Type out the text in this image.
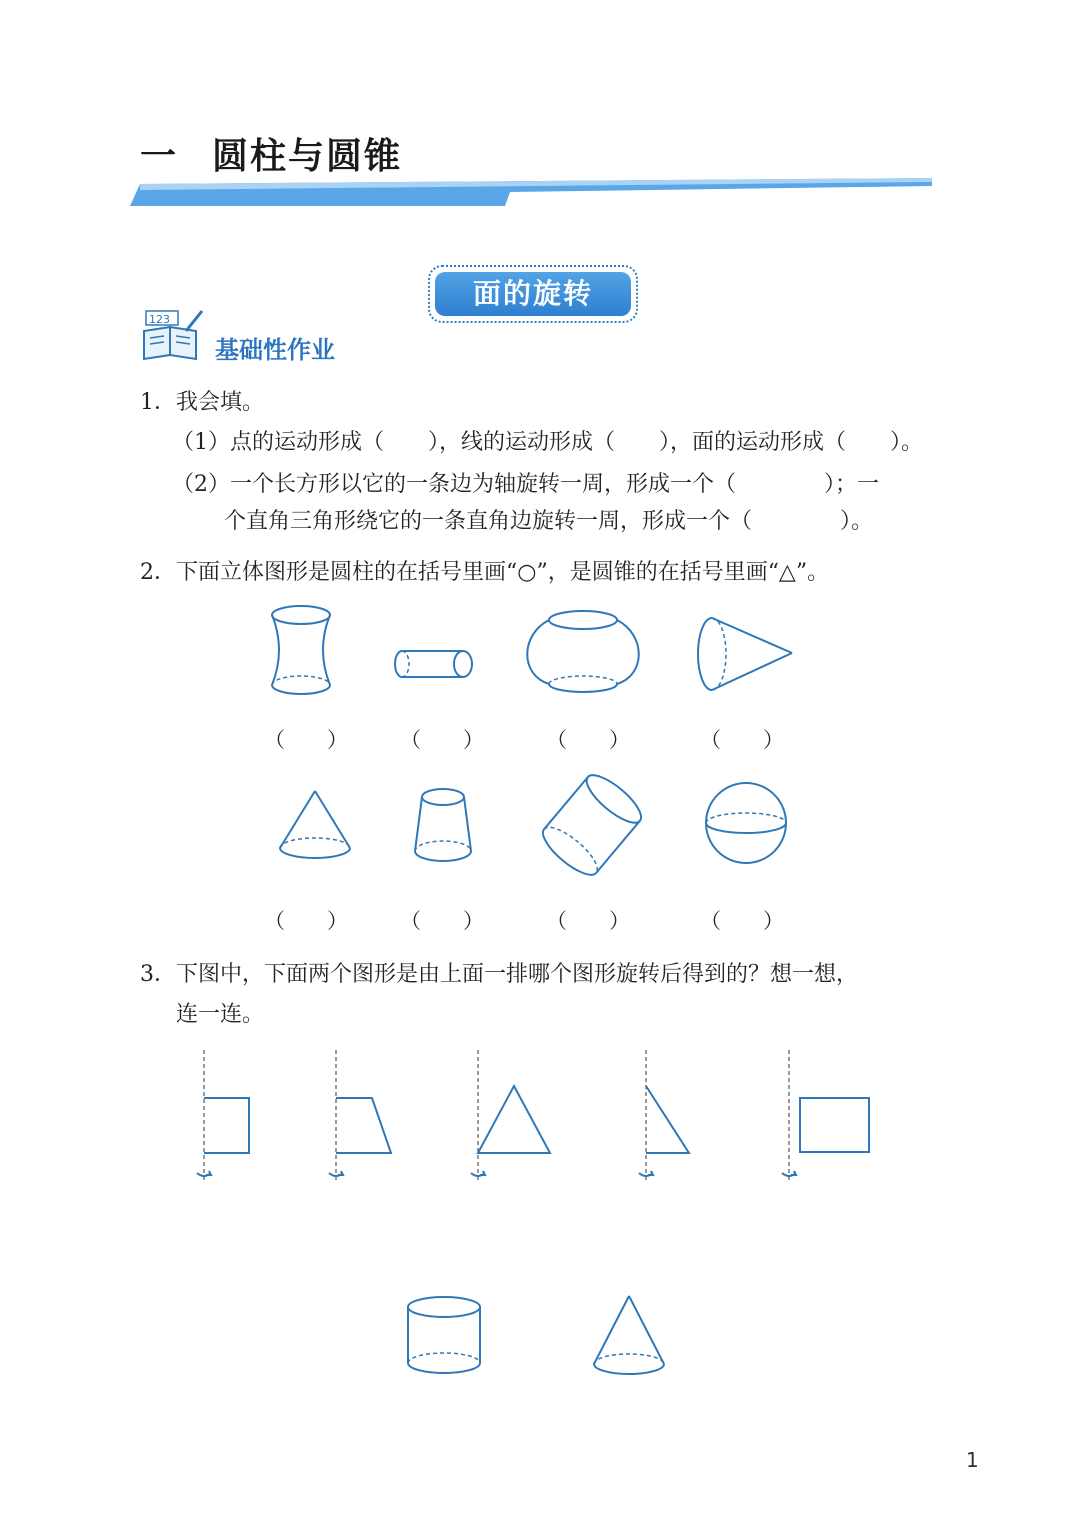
一 圆柱与圆锥
面的旋转
123
基础性作业
1．我会填。
（1）点的运动形成（　　），线的运动形成（　　），面的运动形成（　　）。
（2）一个长方形以它的一条边为轴旋转一周，形成一个（　　　　）；一
个直角三角形绕它的一条直角边旋转一周，形成一个（　　　　）。
2．下面立体图形是圆柱的在括号里画“○”，是圆锥的在括号里画“△”。
（　　） （　　）	（　　）	（　　）
（　　） （　　）	（　　）	（　　）
3．下图中，下面两个图形是由上面一排哪个图形旋转后得到的？想一想，
连一连。
1
